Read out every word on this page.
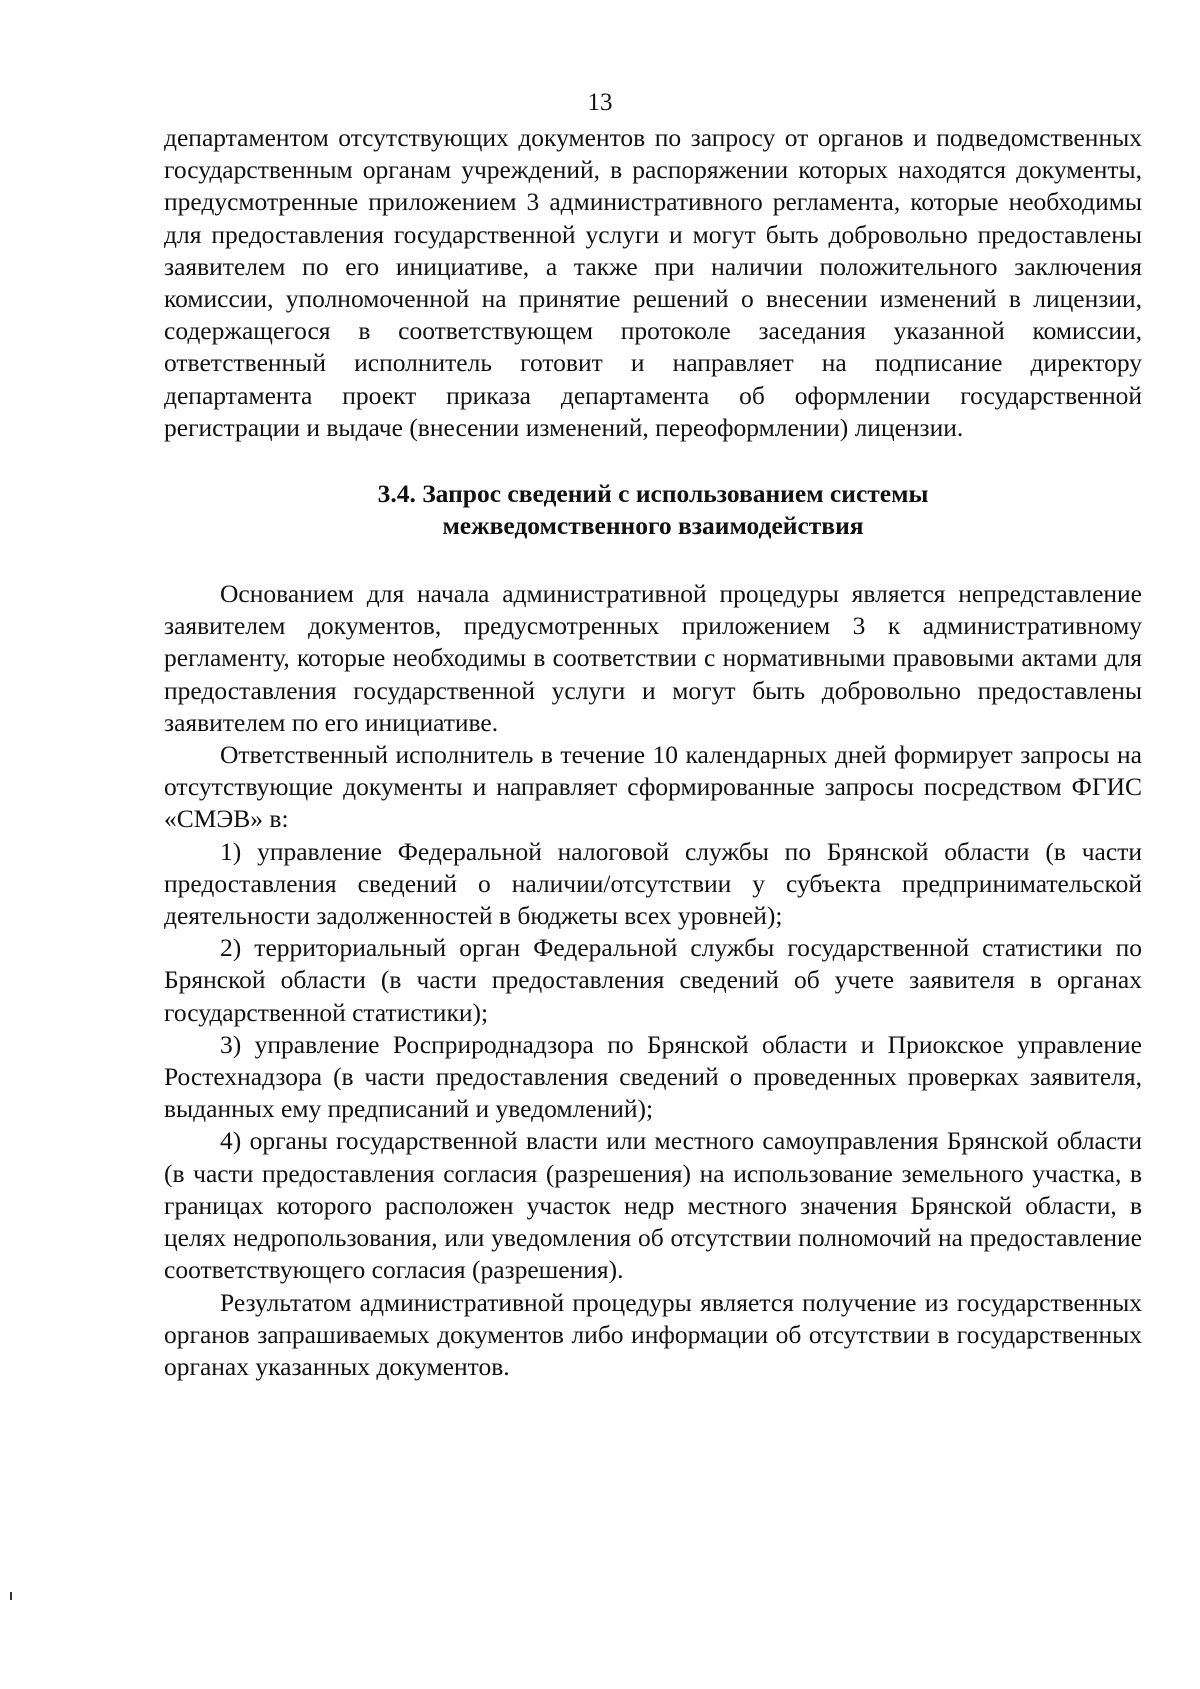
13

департаментом отсутствующих документов по запросу от органов и подведомственных государственным органам учреждений, в распоряжении которых находятся документы, предусмотренные приложением 3 административного регламента, которые необходимы для предоставления государственной услуги и могут быть добровольно предоставлены заявителем по его инициативе, а также при наличии положительного заключения комиссии, уполномоченной на принятие решений о внесении изменений в лицензии, содержащегося в соответствующем протоколе заседания указанной комиссии, ответственный исполнитель готовит и направляет на подписание директору департамента проект приказа департамента об оформлении государственной регистрации и выдаче (внесении изменений, переоформлении) лицензии.

3.4. Запрос сведений с использованием системы

межведомственного взаимодействия

Основанием для начала административной процедуры является непредставление заявителем документов, предусмотренных приложением 3 к административному регламенту, которые необходимы в соответствии с нормативными правовыми актами для предоставления государственной услуги и могут быть добровольно предоставлены заявителем по его инициативе.

Ответственный исполнитель в течение 10 календарных дней формирует запросы на отсутствующие документы и направляет сформированные запросы посредством ФГИС «СМЭВ» в:

1) управление Федеральной налоговой службы по Брянской области (в части предоставления сведений о наличии/отсутствии у субъекта предпринимательской деятельности задолженностей в бюджеты всех уровней);

2) территориальный орган Федеральной службы государственной статистики по Брянской области (в части предоставления сведений об учете заявителя в органах государственной статистики);

3) управление Росприроднадзора по Брянской области и Приокское управление Ростехнадзора (в части предоставления сведений о проведенных проверках заявителя, выданных ему предписаний и уведомлений);

4) органы государственной власти или местного самоуправления Брянской области (в части предоставления согласия (разрешения) на использование земельного участка, в границах которого расположен участок недр местного значения Брянской области, в целях недропользования, или уведомления об отсутствии полномочий на предоставление соответствующего согласия (разрешения).

Результатом административной процедуры является получение из государственных органов запрашиваемых документов либо информации об отсутствии в государственных органах указанных документов.
